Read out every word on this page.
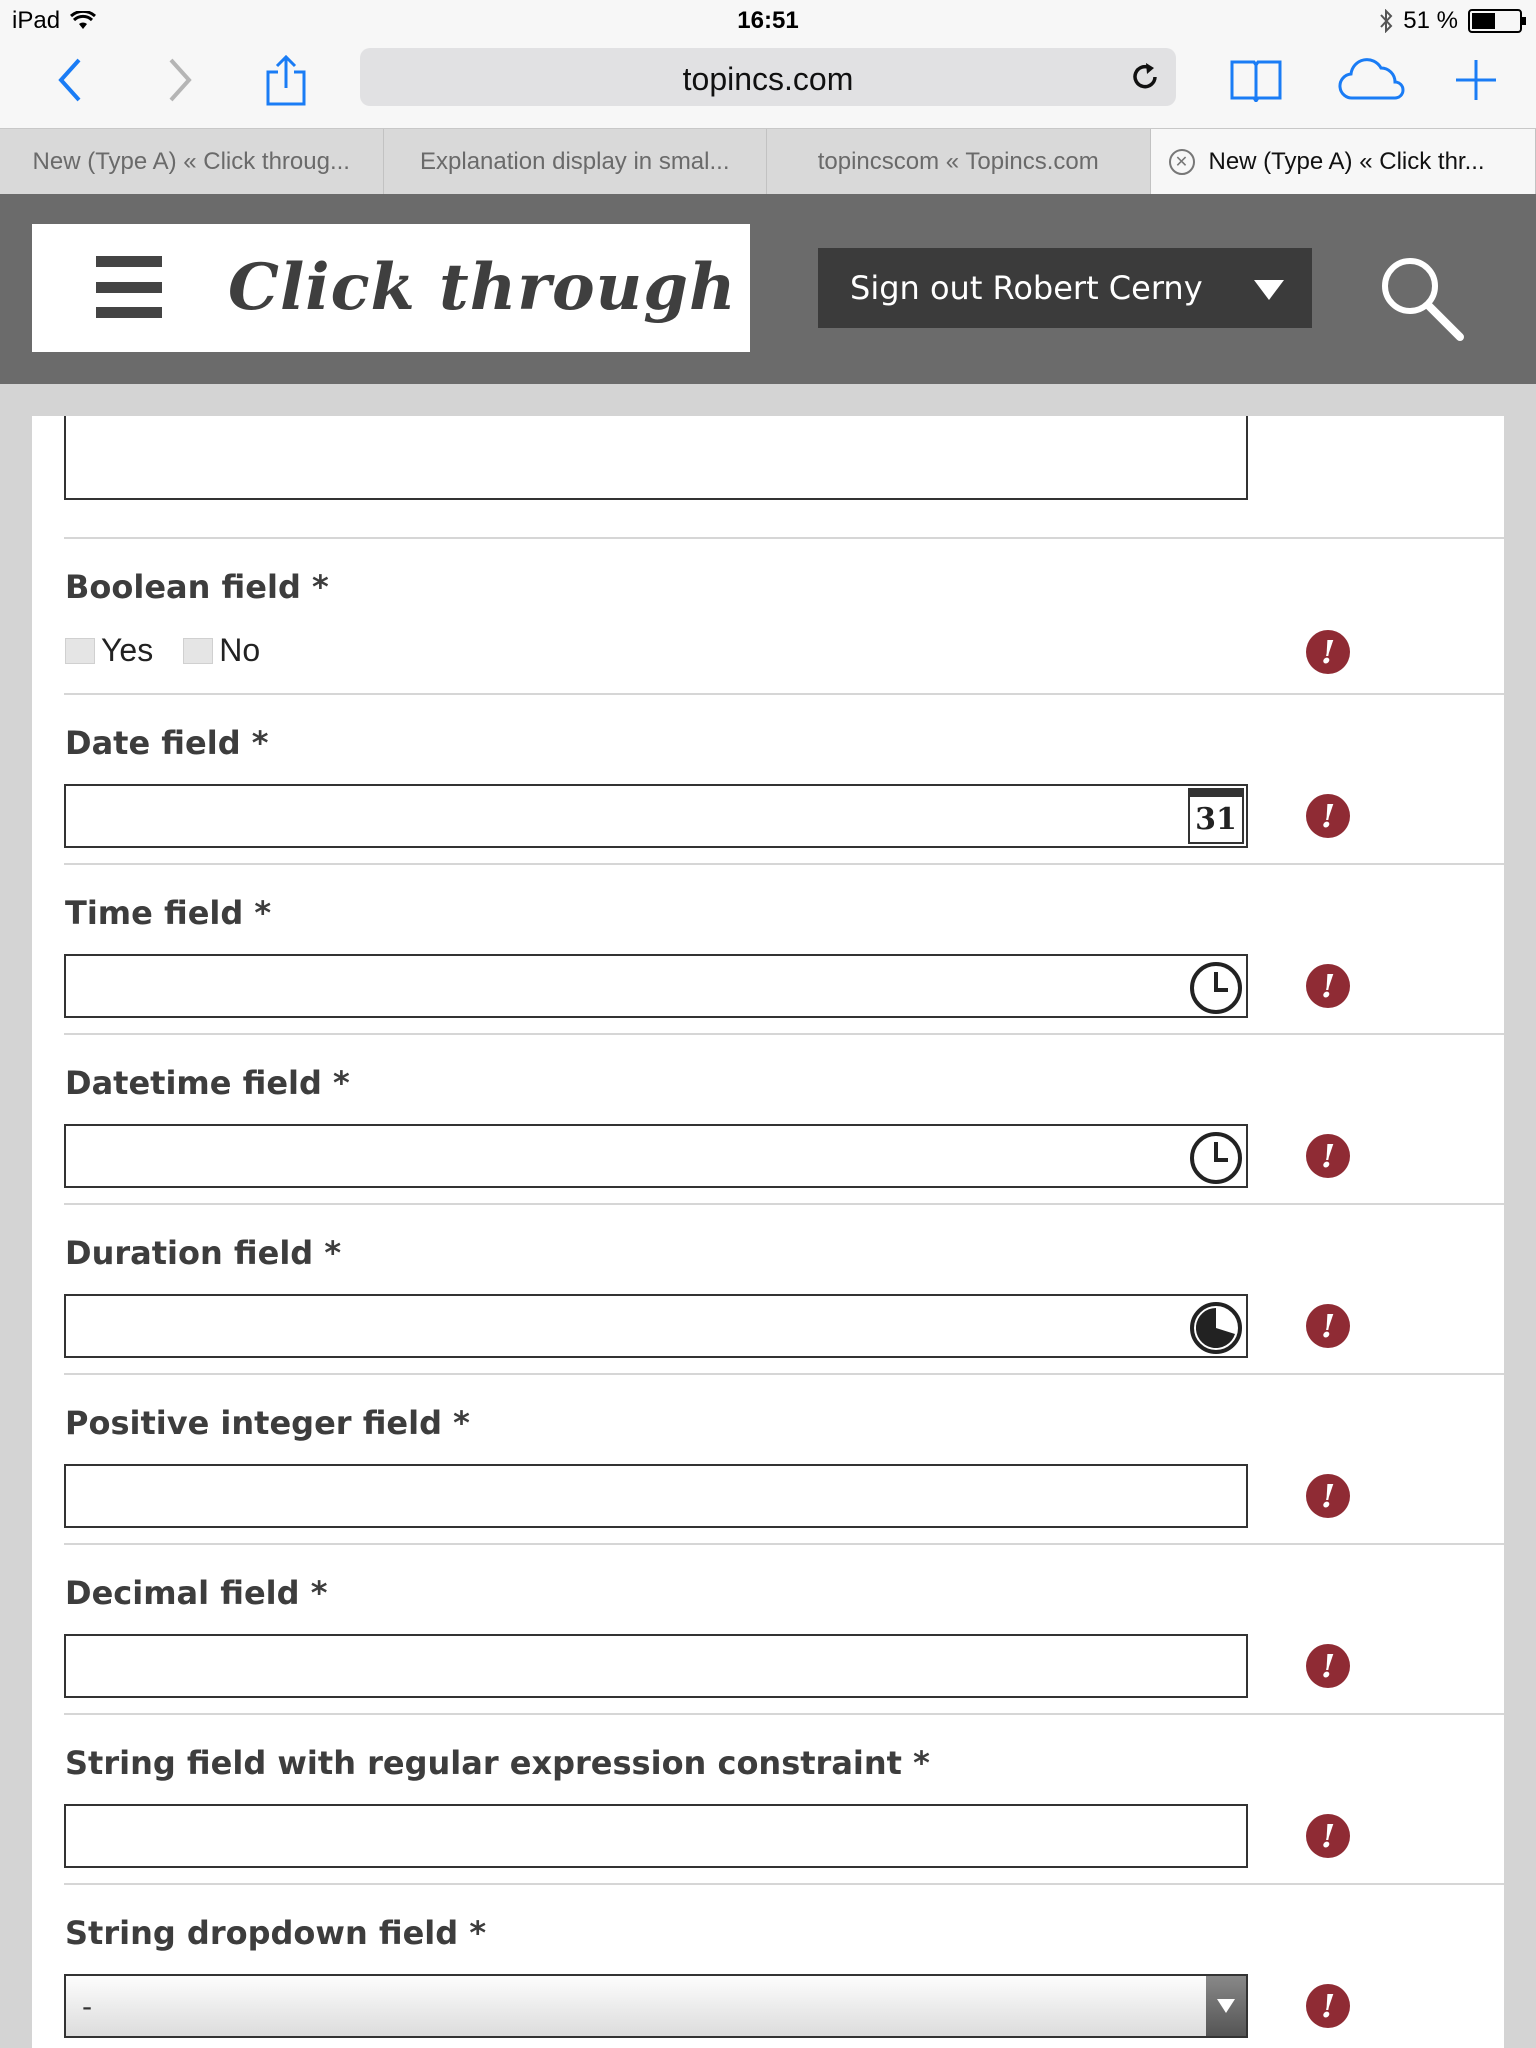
iPad	16:51	51 %
topincs.com
New (Type A) « Click throug...	Explanation display in smal...	topincscom « Topincs.com	✕ New (Type A) « Click thr...
Click through	Sign out Robert Cerny
Boolean field *
Yes No	!
Date field *
31	!
Time field *
!
Datetime field *
!
Duration field *
!
Positive integer field *
!
Decimal field *
!
String field with regular expression constraint *
!
String dropdown field *
-	!
